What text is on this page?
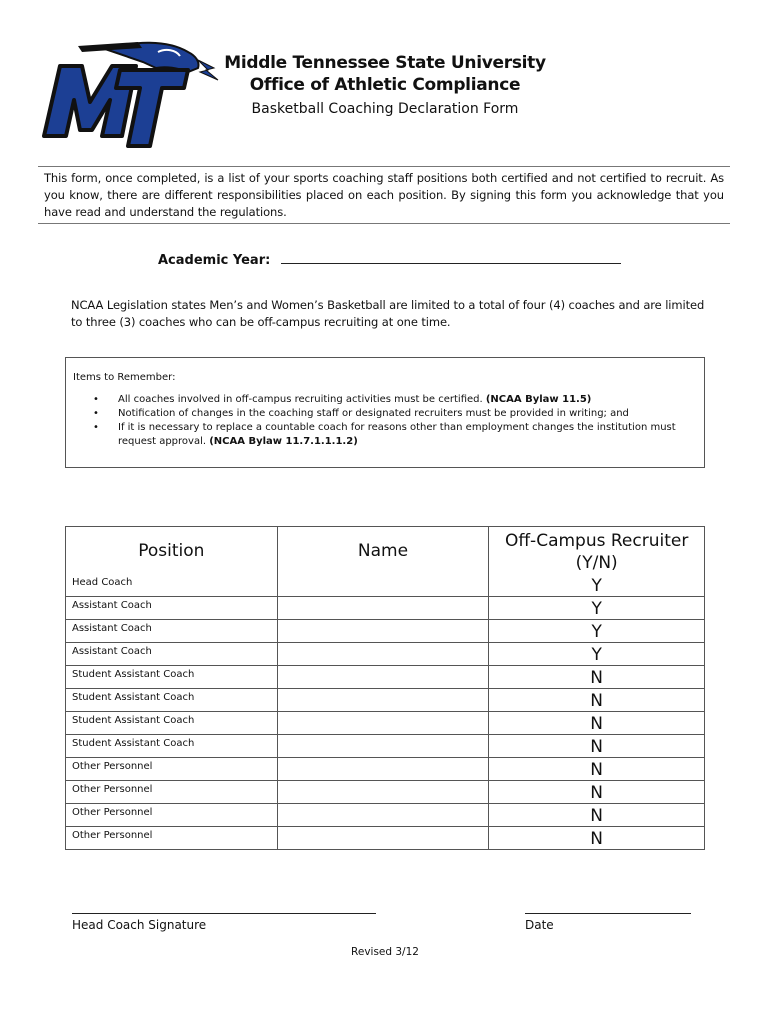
MT
Middle Tennessee State University
Office of Athletic Compliance
Basketball Coaching Declaration Form
This form, once completed, is a list of your sports coaching staff positions both certified and not certified to recruit. As you know, there are different responsibilities placed on each position. By signing this form you acknowledge that you have read and understand the regulations.
Academic Year:
NCAA Legislation states Men’s and Women’s Basketball are limited to a total of four (4) coaches and are limited to three (3) coaches who can be off-campus recruiting at one time.
Items to Remember:
• All coaches involved in off-campus recruiting activities must be certified. (NCAA Bylaw 11.5)
• Notification of changes in the coaching staff or designated recruiters must be provided in writing; and
• If it is necessary to replace a countable coach for reasons other than employment changes the institution must request approval. (NCAA Bylaw 11.7.1.1.1.2)
Position	Name	Off-Campus Recruiter
(Y/N)
Head Coach		Y
Assistant Coach		Y
Assistant Coach		Y
Assistant Coach		Y
Student Assistant Coach		N
Student Assistant Coach		N
Student Assistant Coach		N
Student Assistant Coach		N
Other Personnel		N
Other Personnel		N
Other Personnel		N
Other Personnel		N
Head Coach Signature	Date
Revised 3/12
